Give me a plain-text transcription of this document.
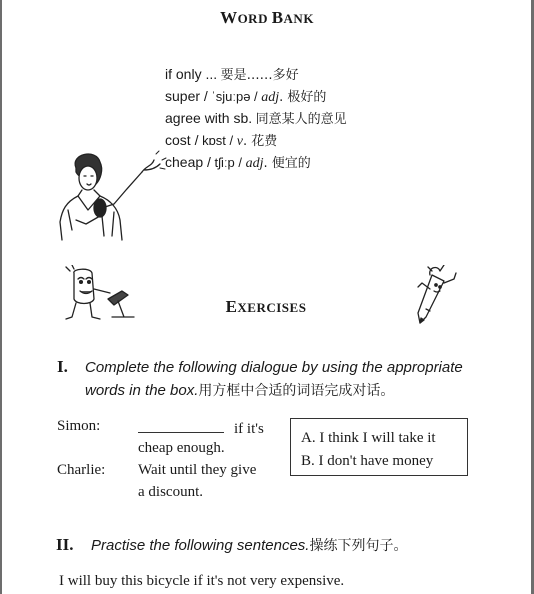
WORD BANK
if only ... 要是……多好
super / ˈsjuːpə / adj. 极好的
agree with sb. 同意某人的意见
cost / kɒst / v. 花费
cheap / tʃiːp / adj. 便宜的
EXERCISES
I. Complete the following dialogue by using the appropriate
words in the box.用方框中合适的词语完成对话。
Simon:	if it's
cheap enough.
Charlie: Wait until they give
a discount.
A. I think I will take it
B. I don't have money
II. Practise the following sentences.操练下列句子。
I will buy this bicycle if it's not very expensive.
